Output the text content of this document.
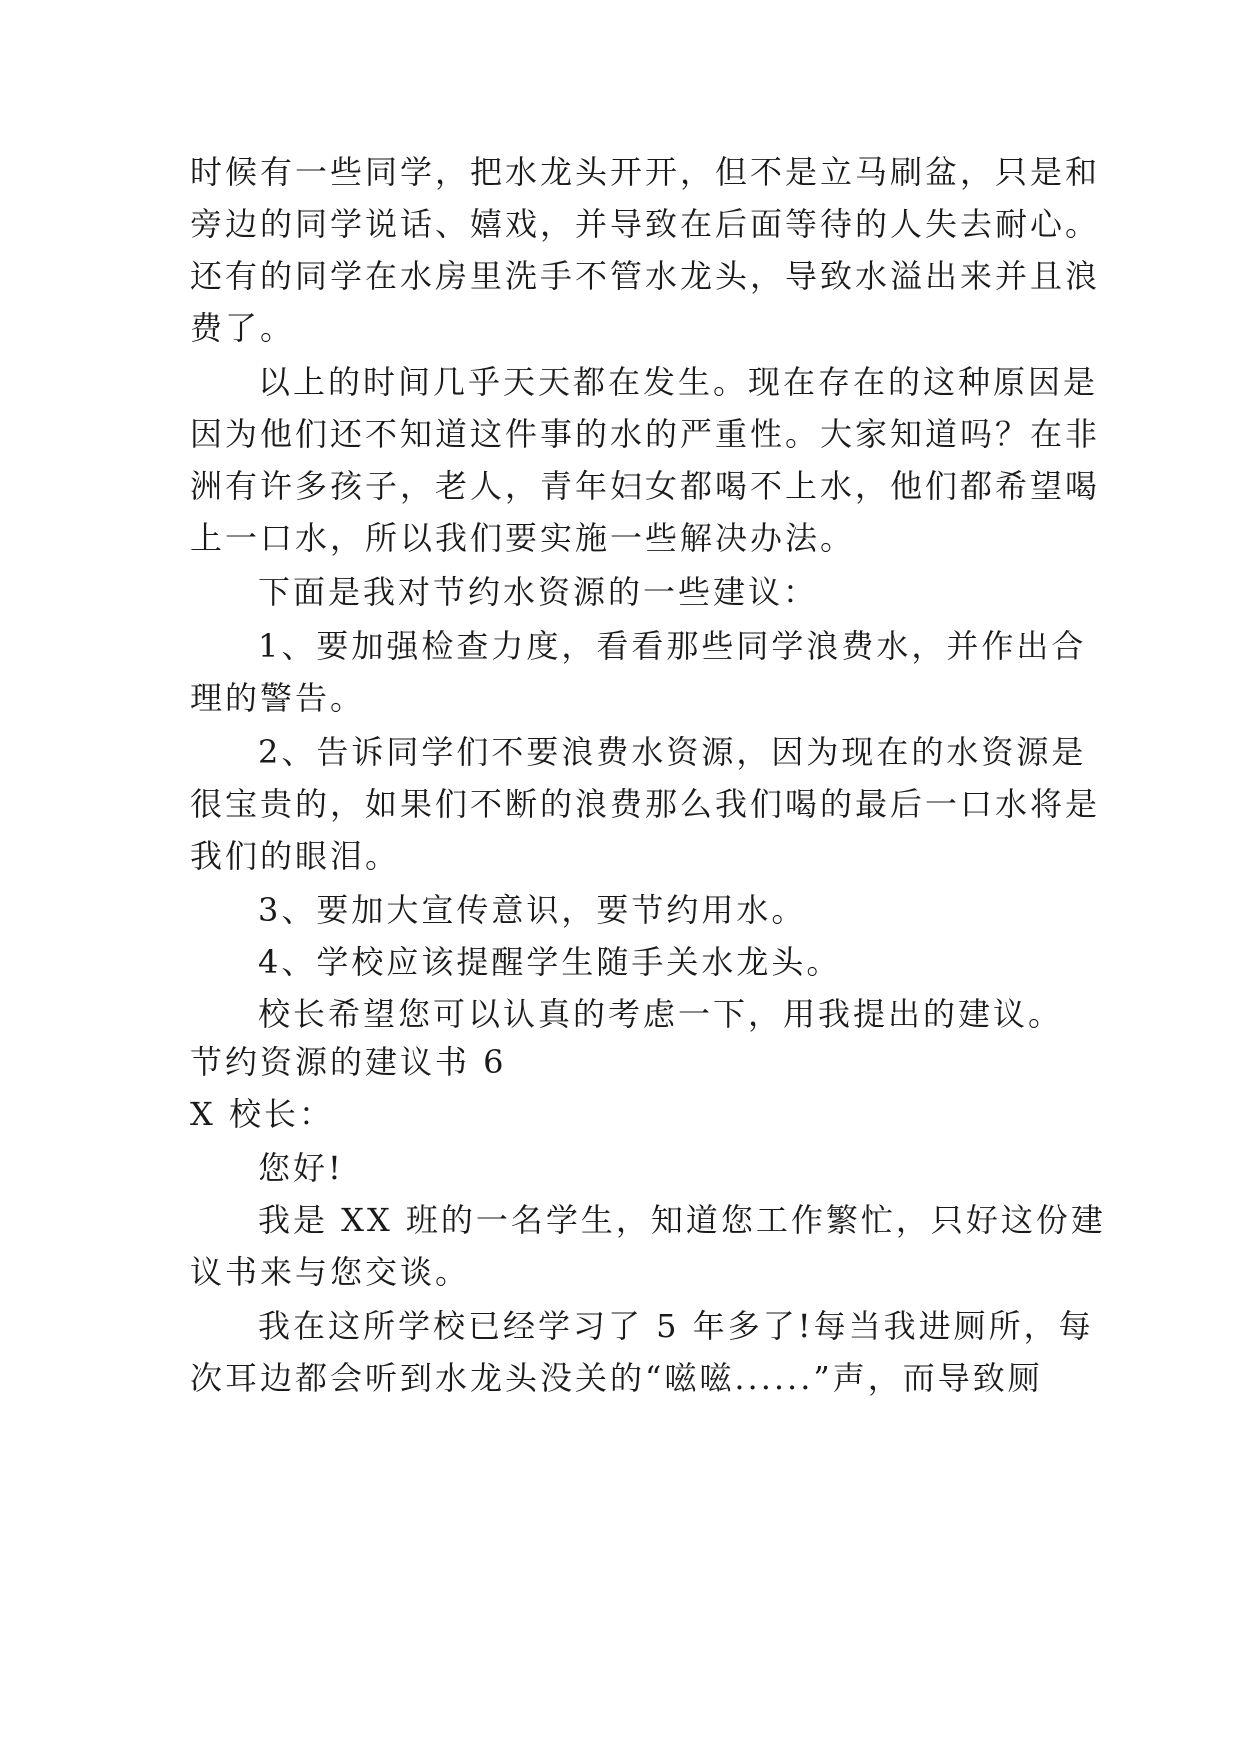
时候有一些同学，把水龙头开开，但不是立马刷盆，只是和
旁边的同学说话、嬉戏，并导致在后面等待的人失去耐心。
还有的同学在水房里洗手不管水龙头，导致水溢出来并且浪
费了。
以上的时间几乎天天都在发生。现在存在的这种原因是
因为他们还不知道这件事的水的严重性。大家知道吗？在非
洲有许多孩子，老人，青年妇女都喝不上水，他们都希望喝
上一口水，所以我们要实施一些解决办法。
下面是我对节约水资源的一些建议：
1、要加强检查力度，看看那些同学浪费水，并作出合
理的警告。
2、告诉同学们不要浪费水资源，因为现在的水资源是
很宝贵的，如果们不断的浪费那么我们喝的最后一口水将是
我们的眼泪。
3、要加大宣传意识，要节约用水。
4、学校应该提醒学生随手关水龙头。
校长希望您可以认真的考虑一下，用我提出的建议。
节约资源的建议书 6
X 校长：
您好!
我是 XX 班的一名学生，知道您工作繁忙，只好这份建
议书来与您交谈。
我在这所学校已经学习了 5 年多了!每当我进厕所，每
次耳边都会听到水龙头没关的“嗞嗞......”声，而导致厕
